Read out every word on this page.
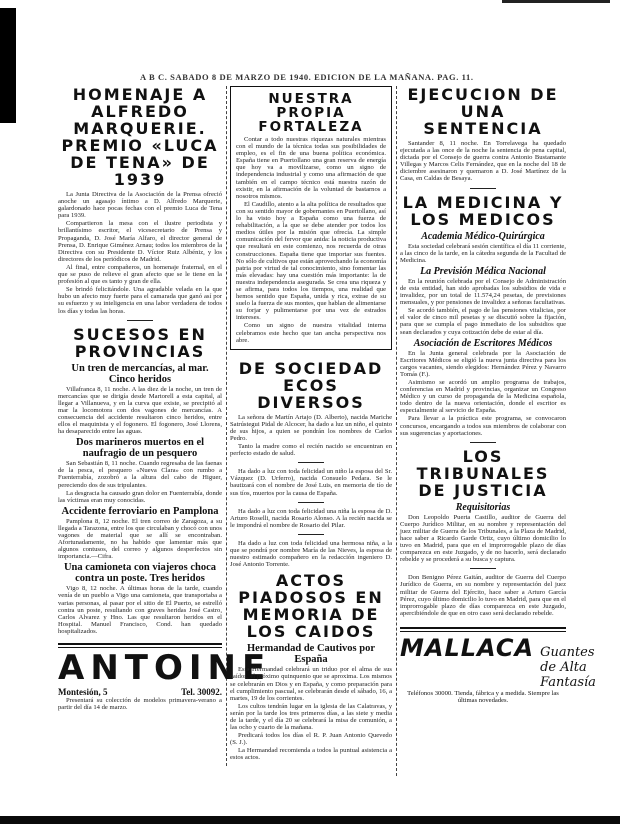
A B C. SABADO 8 DE MARZO DE 1940. EDICION DE LA MAÑANA. PAG. 11.
HOMENAJE A ALFREDO MARQUERIE. PREMIO «LUCA DE TENA» DE 1939

La Junta Directiva de la Asociación de la Prensa ofreció anoche un agasajo íntimo a D. Alfredo Marquerie, galardonado hace pocas fechas con el premio Luca de Tena para 1939.

Compartieron la mesa con el ilustre periodista y brillantísimo escritor, el vicesecretario de Prensa y Propaganda, D. José María Alfaro, el director general de Prensa, D. Enrique Giménez Arnau; todos los miembros de la Directiva con su Presidente D. Víctor Ruiz Albéniz, y los directores de los periódicos de Madrid.

Al final, entre compañeros, un homenaje fraternal, en el que se puso de relieve el gran afecto que se le tiene en la profesión al que es tanto y gran de ella.

Se brindó felicitándole. Una agradable velada en la que hubo un afecto muy fuerte para el camarada que ganó así por su esfuerzo y su inteligencia en una labor verdadera de todos los días y todas las horas.

SUCESOS EN PROVINCIAS
Un tren de mercancías, al mar. Cinco heridos

Villafranca 8, 11 noche. A las diez de la noche, un tren de mercancías que se dirigía desde Martorell a esta capital, al llegar a Villanueva, y en la curva que existe, se precipitó al mar la locomotora con dos vagones de mercancías. A consecuencia del accidente resultaron cinco heridos, entre ellos el maquinista y el fogonero. El fogonero, José Llorens, ha desaparecido entre las aguas.

Dos marineros muertos en el naufragio de un pesquero

San Sebastián 8, 11 noche. Cuando regresaba de las faenas de la pesca, el pesquero «Nueva Clara» con rumbo a Fuenterrabía, zozobró a la altura del cabo de Higuer, pereciendo dos de sus tripulantes.

La desgracia ha causado gran dolor en Fuenterrabía, donde las víctimas eran muy conocidas.

Accidente ferroviario en Pamplona

Pamplona 8, 12 noche. El tren correo de Zaragoza, a su llegada a Tarazona, entre los que circulaban y chocó con unos vagones de material que se allí se encontraban. Afortunadamente, no ha habido que lamentar más que algunos contusos, del correo y algunos desperfectos sin importancia.—Cifra.

Una camioneta con viajeros choca contra un poste. Tres heridos

Vigo 8, 12 noche. A últimas horas de la tarde, cuando venía de un pueblo a Vigo una camioneta, que transportaba a varias personas, al pasar por el sitio de El Puerto, se estrelló contra un poste, resultando con graves heridas José Castro, Carlos Alvarez y Hno. Las que resultaron heridos en el Hospital. Manuel Francisco, Cond. han quedado hospitalizados.

ANTOINE
Montesión, 5	Tel. 30092.

Presentará su colección de modelos primavera-verano a partir del día 14 de marzo.

NUESTRA PROPIA FORTALEZA

Contar a todo nuestras riquezas naturales mientras con el mundo de la técnica todas sus posibilidades de empleo, es el fin de una buena política económica. España tiene en Puertollano una gran reserva de energía que hoy va a movilizarse, como un signo de independencia industrial y como una afirmación de que también en el campo técnico está nuestra razón de existir, en la afirmación de la voluntad de bastarnos a nosotros mismos.

El Caudillo, atento a la alta política de resultados que con su sentido mayor de gobernantes en Puertollano, así lo ha visto hoy a España como una fuerza de rehabilitación, a la que se debe atender por todos los medios útiles por la misión que ofrecía. La simple comunicación del fervor que anida: la noticia productiva que resultará en este comienzo, nos recuerda de otras construcciones. España tiene que importar sus fuentes. No sólo de cultivos que están aprovechando la economía patria por virtud de tal conocimiento, sino fomentar las más elevadas: hay una cuestión más importante: la de nuestra independencia asegurada. Se crea una riqueza y se afirma, para todos los tiempos, una realidad que hemos sentido que España, unida y rica, extrae de su suelo la fuerza de sus montes, que hablan de alimentarse su forjar y pulimentarse por una vez de estrados intereses.

Como un signo de nuestra vitalidad interna celebramos este hecho que tan ancha perspectiva nos abre.

DE SOCIEDAD
ECOS DIVERSOS

La señora de Martín Artajo (D. Alberto), nacida Mariche Satrústegui Pidal de Alcocer, ha dado a luz un niño, el quinto de sus hijos, a quien se pondrán los nombres de Carlos Pedro.

Tanto la madre como el recién nacido se encuentran en perfecto estado de salud.

Ha dado a luz con toda felicidad un niño la esposa del Sr. Vázquez (D. Urferro), nacida Consuelo Pedara. Se le bautizará con el nombre de José Luis, en memoria de tío de sus tíos, muertos por la causa de España.

Ha dado a luz con toda felicidad una niña la esposa de D. Arturo Roselli, nacida Rosario Alonso. A la recién nacida se le impondrá el nombre de Rosario del Pilar.

Ha dado a luz con toda felicidad una hermosa niña, a la que se pondrá por nombre María de las Nieves, la esposa de nuestro estimado compañero en la redacción ingeniero D. José Antonio Torrente.

ACTOS PIADOSOS EN MEMORIA DE LOS CAIDOS
Hermandad de Cautivos por España

Esta Hermandad celebrará un triduo por el alma de sus caídos, el próximo quinquenio que se aproxima. Los mismos se celebrarán en Dios y en España, y como preparación para el cumplimiento pascual, se celebrarán desde el sábado, 16, a martes, 19 de los corrientes.

Los cultos tendrán lugar en la iglesia de las Calatravas, y serán por la tarde los tres primeros días, a las siete y media de la tarde, y el día 20 se celebrará la misa de comunión, a las ocho y cuarto de la mañana.

Predicará todos los días el R. P. Juan Antonio Quevedo (S. J.).

La Hermandad recomienda a todos la puntual asistencia a estos actos.

EJECUCION DE UNA SENTENCIA

Santander 8, 11 noche. En Torrelavega ha quedado ejecutada a las once de la noche la sentencia de pena capital, dictada por el Consejo de guerra contra Antonio Bustamante Villegas y Marcos Celis Fernández, que en la noche del 18 de diciembre asesinaron y quemaron a D. José Martínez de la Casa, en Caldas de Besaya.

LA MEDICINA Y LOS MEDICOS
Academia Médico-Quirúrgica

Esta sociedad celebrará sesión científica el día 11 corriente, a las cinco de la tarde, en la cátedra segunda de la Facultad de Medicina.

La Previsión Médica Nacional

En la reunión celebrada por el Consejo de Administración de esta entidad, han sido aprobadas los subsidios de vida e invalidez, por un total de 11.574,24 pesetas, de previsiones mensuales, y por pensiones de invalidez a señoras facultativas.

Se acordó también, el pago de las pensiones vitalicias, por el valor de cinco mil pesetas y se discutió sobre la fijación, para que se cumpla el pago inmediato de los subsidios que sean declarados y cuya cotización debe de estar al día.

Asociación de Escritores Médicos

En la Junta general celebrada por la Asociación de Escritores Médicos se eligió la nueva junta directiva para los cargos vacantes, siendo elegidos: Hernández Pérez y Navarro Tomás (F.).

Asimismo se acordó un amplio programa de trabajos, conferencias en Madrid y provincias, organizar un Congreso Médico y un curso de propaganda de la Medicina española, todo dentro de la nueva orientación, donde el escritor es especialmente al servicio de España.

Para llevar a la práctica este programa, se convocaron concursos, encargando a todos sus miembros de colaborar con sus sugerencias y aportaciones.

LOS TRIBUNALES DE JUSTICIA
Requisitorias

Don Leopoldo Puerta Castillo, auditor de Guerra del Cuerpo Jurídico Militar, en su nombre y representación del juez militar de Guerra de los Tribunales, a la Plaza de Madrid, hace saber a Ricardo Garde Ortiz, cuyo último domicilio lo tuvo en Madrid, para que en el improrrogable plazo de días comparezca en este Juzgado, y de no hacerlo, será declarado rebelde y se procederá a su busca y captura.

Don Benigno Pérez Gaitán, auditor de Guerra del Cuerpo Jurídico de Guerra, en su nombre y representación del juez militar de Guerra del Ejército, hace saber a Arturo García Pérez, cuyo último domicilio lo tuvo en Madrid, para que en el improrrogable plazo de días comparezca en este Juzgado, apercibiéndole de que en otro caso será declarado rebelde.

MALLACA Guantes de Alta Fantasía
Teléfonos 30000. Tienda, fábrica y a medida. Siempre las últimas novedades.
